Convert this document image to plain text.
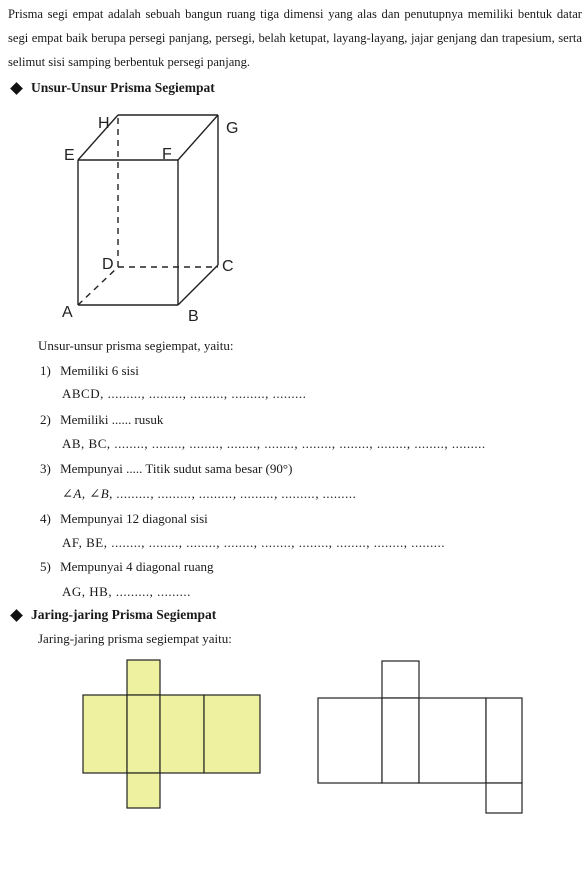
Prisma segi empat adalah sebuah bangun ruang tiga dimensi yang alas dan penutupnya memiliki bentuk datar segi empat baik berupa persegi panjang, persegi, belah ketupat, layang-layang, jajar genjang dan trapesium, serta selimut sisi samping berbentuk persegi panjang.
Unsur-Unsur Prisma Segiempat
H	G
E	F
D	C
A	B
Unsur-unsur prisma segiempat, yaitu:
1) Memiliki 6 sisi
ABCD, ........., ........., ........., ........., .........
2) Memiliki ...... rusuk
AB, BC, ........, ........, ........, ........, ........, ........, ........, ........, ........, .........
3) Mempunyai ..... Titik sudut sama besar (90°)
∠A, ∠B, ........., ........., ........., ........., ........., .........
4) Mempunyai 12 diagonal sisi
AF, BE, ........, ........, ........, ........, ........, ........, ........, ........, .........
5) Mempunyai 4 diagonal ruang
AG, HB, ........., .........
Jaring-jaring Prisma Segiempat
Jaring-jaring prisma segiempat yaitu:
